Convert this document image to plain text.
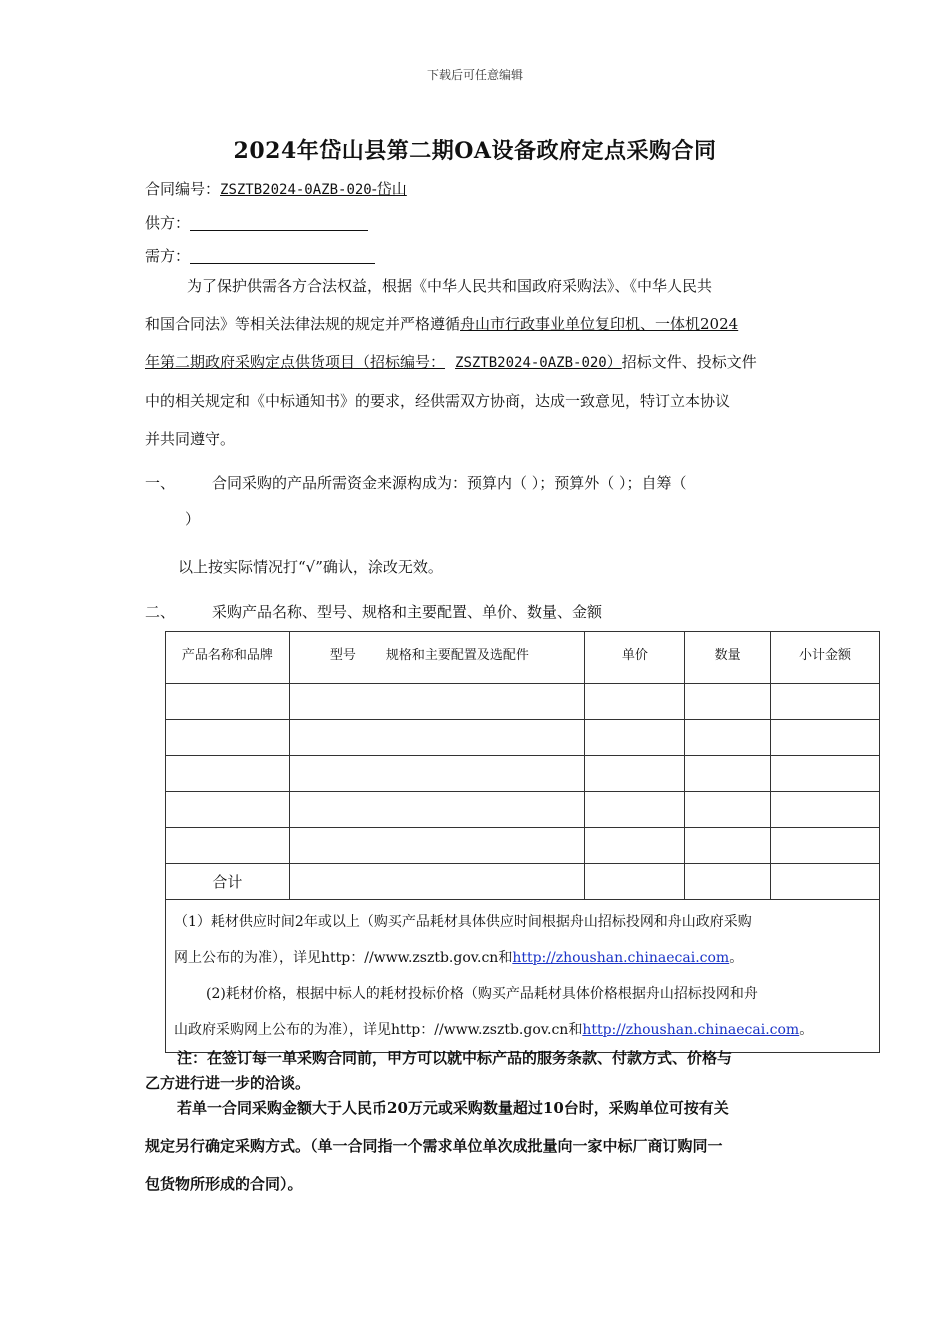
下载后可任意编辑
2024年岱山县第二期OA设备政府定点采购合同
合同编号：ZSZTB2024-0AZB-020-岱山
供方：
需方：
为了保护供需各方合法权益，根据《中华人民共和国政府采购法》、《中华人民共
和国合同法》等相关法律法规的规定并严格遵循舟山市行政事业单位复印机、一体机2024
年第二期政府采购定点供货项目（招标编号： ZSZTB2024-0AZB-020）招标文件、投标文件
中的相关规定和《中标通知书》的要求，经供需双方协商，达成一致意见，特订立本协议
并共同遵守。
一、 合同采购的产品所需资金来源构成为：预算内（ ）；预算外（ ）；自筹（
）
以上按实际情况打“√”确认，涂改无效。
二、 采购产品名称、型号、规格和主要配置、单价、数量、金额
产品名称和品牌	型号 规格和主要配置及选配件	单价	数量	小计金额

合计				

（1）耗材供应时间2年或以上（购买产品耗材具体供应时间根据舟山招标投网和舟山政府采购
网上公布的为准），详见http：//www.zsztb.gov.cn和http://zhoushan.chinaecai.com。
(2)耗材价格，根据中标人的耗材投标价格（购买产品耗材具体价格根据舟山招标投网和舟
山政府采购网上公布的为准），详见http：//www.zsztb.gov.cn和http://zhoushan.chinaecai.com。				
注：在签订每一单采购合同前，甲方可以就中标产品的服务条款、付款方式、价格与
乙方进行进一步的洽谈。
若单一合同采购金额大于人民币20万元或采购数量超过10台时，采购单位可按有关
规定另行确定采购方式。（单一合同指一个需求单位单次成批量向一家中标厂商订购同一
包货物所形成的合同）。
